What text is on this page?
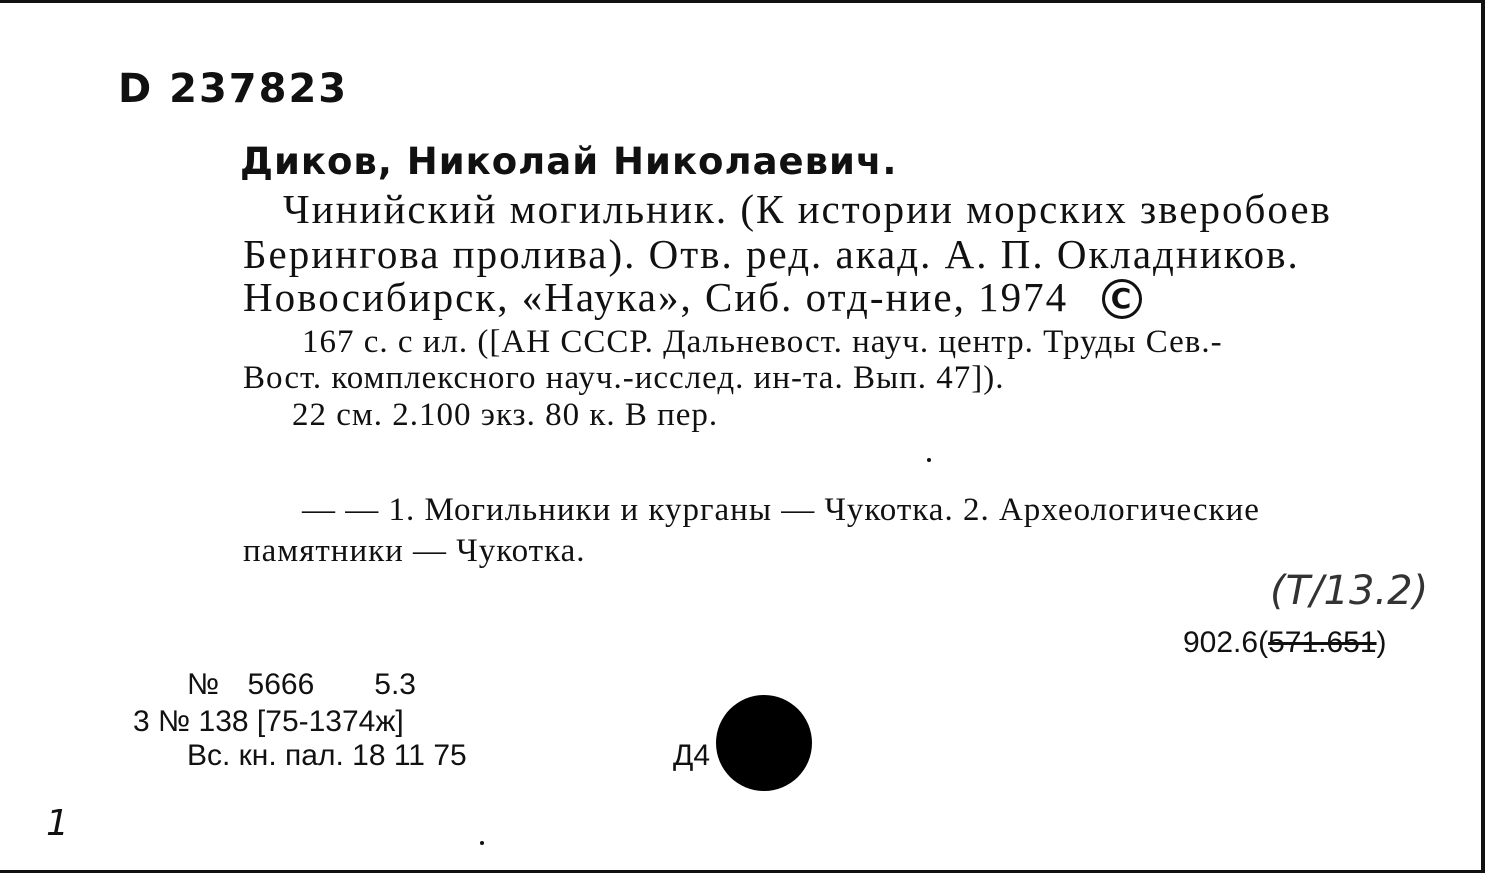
D 237823
Диков, Николай Николаевич.
Чинийский могильник. (К истории морских зверобоев
Берингова пролива). Отв. ред. акад. А. П. Окладников.
Новосибирск, «Наука», Сиб. отд-ние, 1974 C
167 с. с ил. ([АН СССР. Дальневост. науч. центр. Труды Сев.-
Вост. комплексного науч.-исслед. ин-та. Вып. 47]).
22 см. 2.100 экз. 80 к. В пер.
— — 1. Могильники и курганы — Чукотка. 2. Археологические
памятники — Чукотка.
(Т/13.2)
902.6(571.651)
№ 5666 5.3
3 № 138 [75-1374ж]
Вс. кн. пал. 18 11 75	Д4
1
